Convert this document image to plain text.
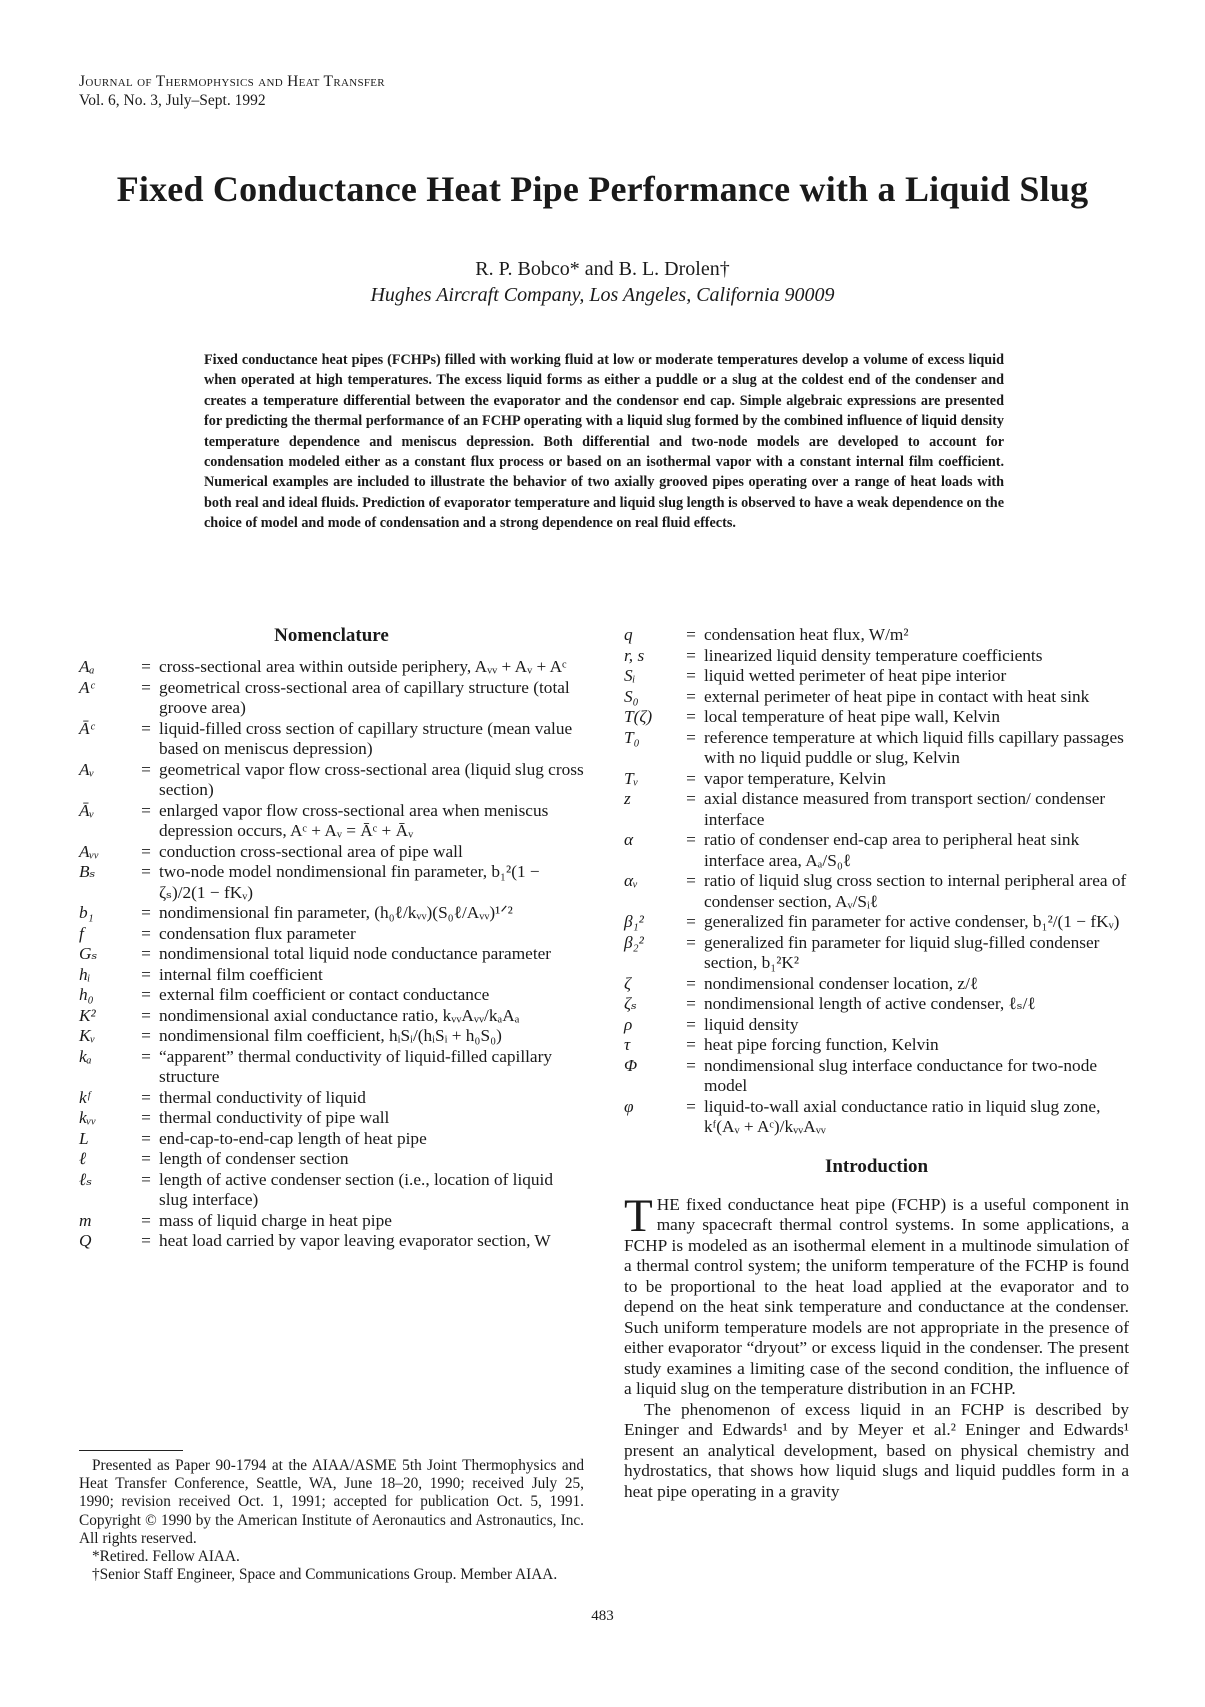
Journal of Thermophysics and Heat Transfer
Vol. 6, No. 3, July–Sept. 1992
Fixed Conductance Heat Pipe Performance with a Liquid Slug
R. P. Bobco* and B. L. Drolen†
Hughes Aircraft Company, Los Angeles, California 90009
Fixed conductance heat pipes (FCHPs) filled with working fluid at low or moderate temperatures develop a volume of excess liquid when operated at high temperatures. The excess liquid forms as either a puddle or a slug at the coldest end of the condenser and creates a temperature differential between the evaporator and the condensor end cap. Simple algebraic expressions are presented for predicting the thermal performance of an FCHP operating with a liquid slug formed by the combined influence of liquid density temperature dependence and meniscus depression. Both differential and two-node models are developed to account for condensation modeled either as a constant flux process or based on an isothermal vapor with a constant internal film coefficient. Numerical examples are included to illustrate the behavior of two axially grooved pipes operating over a range of heat loads with both real and ideal fluids. Prediction of evaporator temperature and liquid slug length is observed to have a weak dependence on the choice of model and mode of condensation and a strong dependence on real fluid effects.
Nomenclature
Aₐ	= cross-sectional area within outside periphery, Aᵥᵥ + Aᵥ + Aᶜ
Aᶜ	= geometrical cross-sectional area of capillary structure (total groove area)
Āᶜ	= liquid-filled cross section of capillary structure (mean value based on meniscus depression)
Aᵥ	= geometrical vapor flow cross-sectional area (liquid slug cross section)
Āᵥ	= enlarged vapor flow cross-sectional area when meniscus depression occurs, Aᶜ + Aᵥ = Āᶜ + Āᵥ
Aᵥᵥ	= conduction cross-sectional area of pipe wall
Bₛ	= two-node model nondimensional fin parameter, b₁²(1 − ζₛ)/2(1 − fKᵥ)
b₁	= nondimensional fin parameter, (h₀ℓ/kᵥᵥ)(S₀ℓ/Aᵥᵥ)¹ᐟ²
f	= condensation flux parameter
Gₛ	= nondimensional total liquid node conductance parameter
hᵢ	= internal film coefficient
h₀	= external film coefficient or contact conductance
K²	= nondimensional axial conductance ratio, kᵥᵥAᵥᵥ/kₐAₐ
Kᵥ	= nondimensional film coefficient, hᵢSᵢ/(hᵢSᵢ + h₀S₀)
kₐ	= “apparent” thermal conductivity of liquid-filled capillary structure
kᶠ	= thermal conductivity of liquid
kᵥᵥ	= thermal conductivity of pipe wall
L	= end-cap-to-end-cap length of heat pipe
ℓ	= length of condenser section
ℓₛ	= length of active condenser section (i.e., location of liquid slug interface)
m	= mass of liquid charge in heat pipe
Q	= heat load carried by vapor leaving evaporator section, W
q	= condensation heat flux, W/m²
r, s	= linearized liquid density temperature coefficients
Sᵢ	= liquid wetted perimeter of heat pipe interior
S₀	= external perimeter of heat pipe in contact with heat sink
T(ζ)	= local temperature of heat pipe wall, Kelvin
T₀	= reference temperature at which liquid fills capillary passages with no liquid puddle or slug, Kelvin
Tᵥ	= vapor temperature, Kelvin
z	= axial distance measured from transport section/ condenser interface
α	= ratio of condenser end-cap area to peripheral heat sink interface area, Aₐ/S₀ℓ
αᵥ	= ratio of liquid slug cross section to internal peripheral area of condenser section, Aᵥ/Sᵢℓ
β₁²	= generalized fin parameter for active condenser, b₁²/(1 − fKᵥ)
β₂²	= generalized fin parameter for liquid slug-filled condenser section, b₁²K²
ζ	= nondimensional condenser location, z/ℓ
ζₛ	= nondimensional length of active condenser, ℓₛ/ℓ
ρ	= liquid density
τ	= heat pipe forcing function, Kelvin
Φ	= nondimensional slug interface conductance for two-node model
φ	= liquid-to-wall axial conductance ratio in liquid slug zone, kᶠ(Aᵥ + Aᶜ)/kᵥᵥAᵥᵥ
Introduction

THE fixed conductance heat pipe (FCHP) is a useful component in many spacecraft thermal control systems. In some applications, a FCHP is modeled as an isothermal element in a multinode simulation of a thermal control system; the uniform temperature of the FCHP is found to be proportional to the heat load applied at the evaporator and to depend on the heat sink temperature and conductance at the condenser. Such uniform temperature models are not appropriate in the presence of either evaporator “dryout” or excess liquid in the condenser. The present study examines a limiting case of the second condition, the influence of a liquid slug on the temperature distribution in an FCHP.

The phenomenon of excess liquid in an FCHP is described by Eninger and Edwards¹ and by Meyer et al.² Eninger and Edwards¹ present an analytical development, based on physical chemistry and hydrostatics, that shows how liquid slugs and liquid puddles form in a heat pipe operating in a gravity

Presented as Paper 90-1794 at the AIAA/ASME 5th Joint Thermophysics and Heat Transfer Conference, Seattle, WA, June 18–20, 1990; received July 25, 1990; revision received Oct. 1, 1991; accepted for publication Oct. 5, 1991. Copyright © 1990 by the American Institute of Aeronautics and Astronautics, Inc. All rights reserved.

*Retired. Fellow AIAA.

†Senior Staff Engineer, Space and Communications Group. Member AIAA.

483
